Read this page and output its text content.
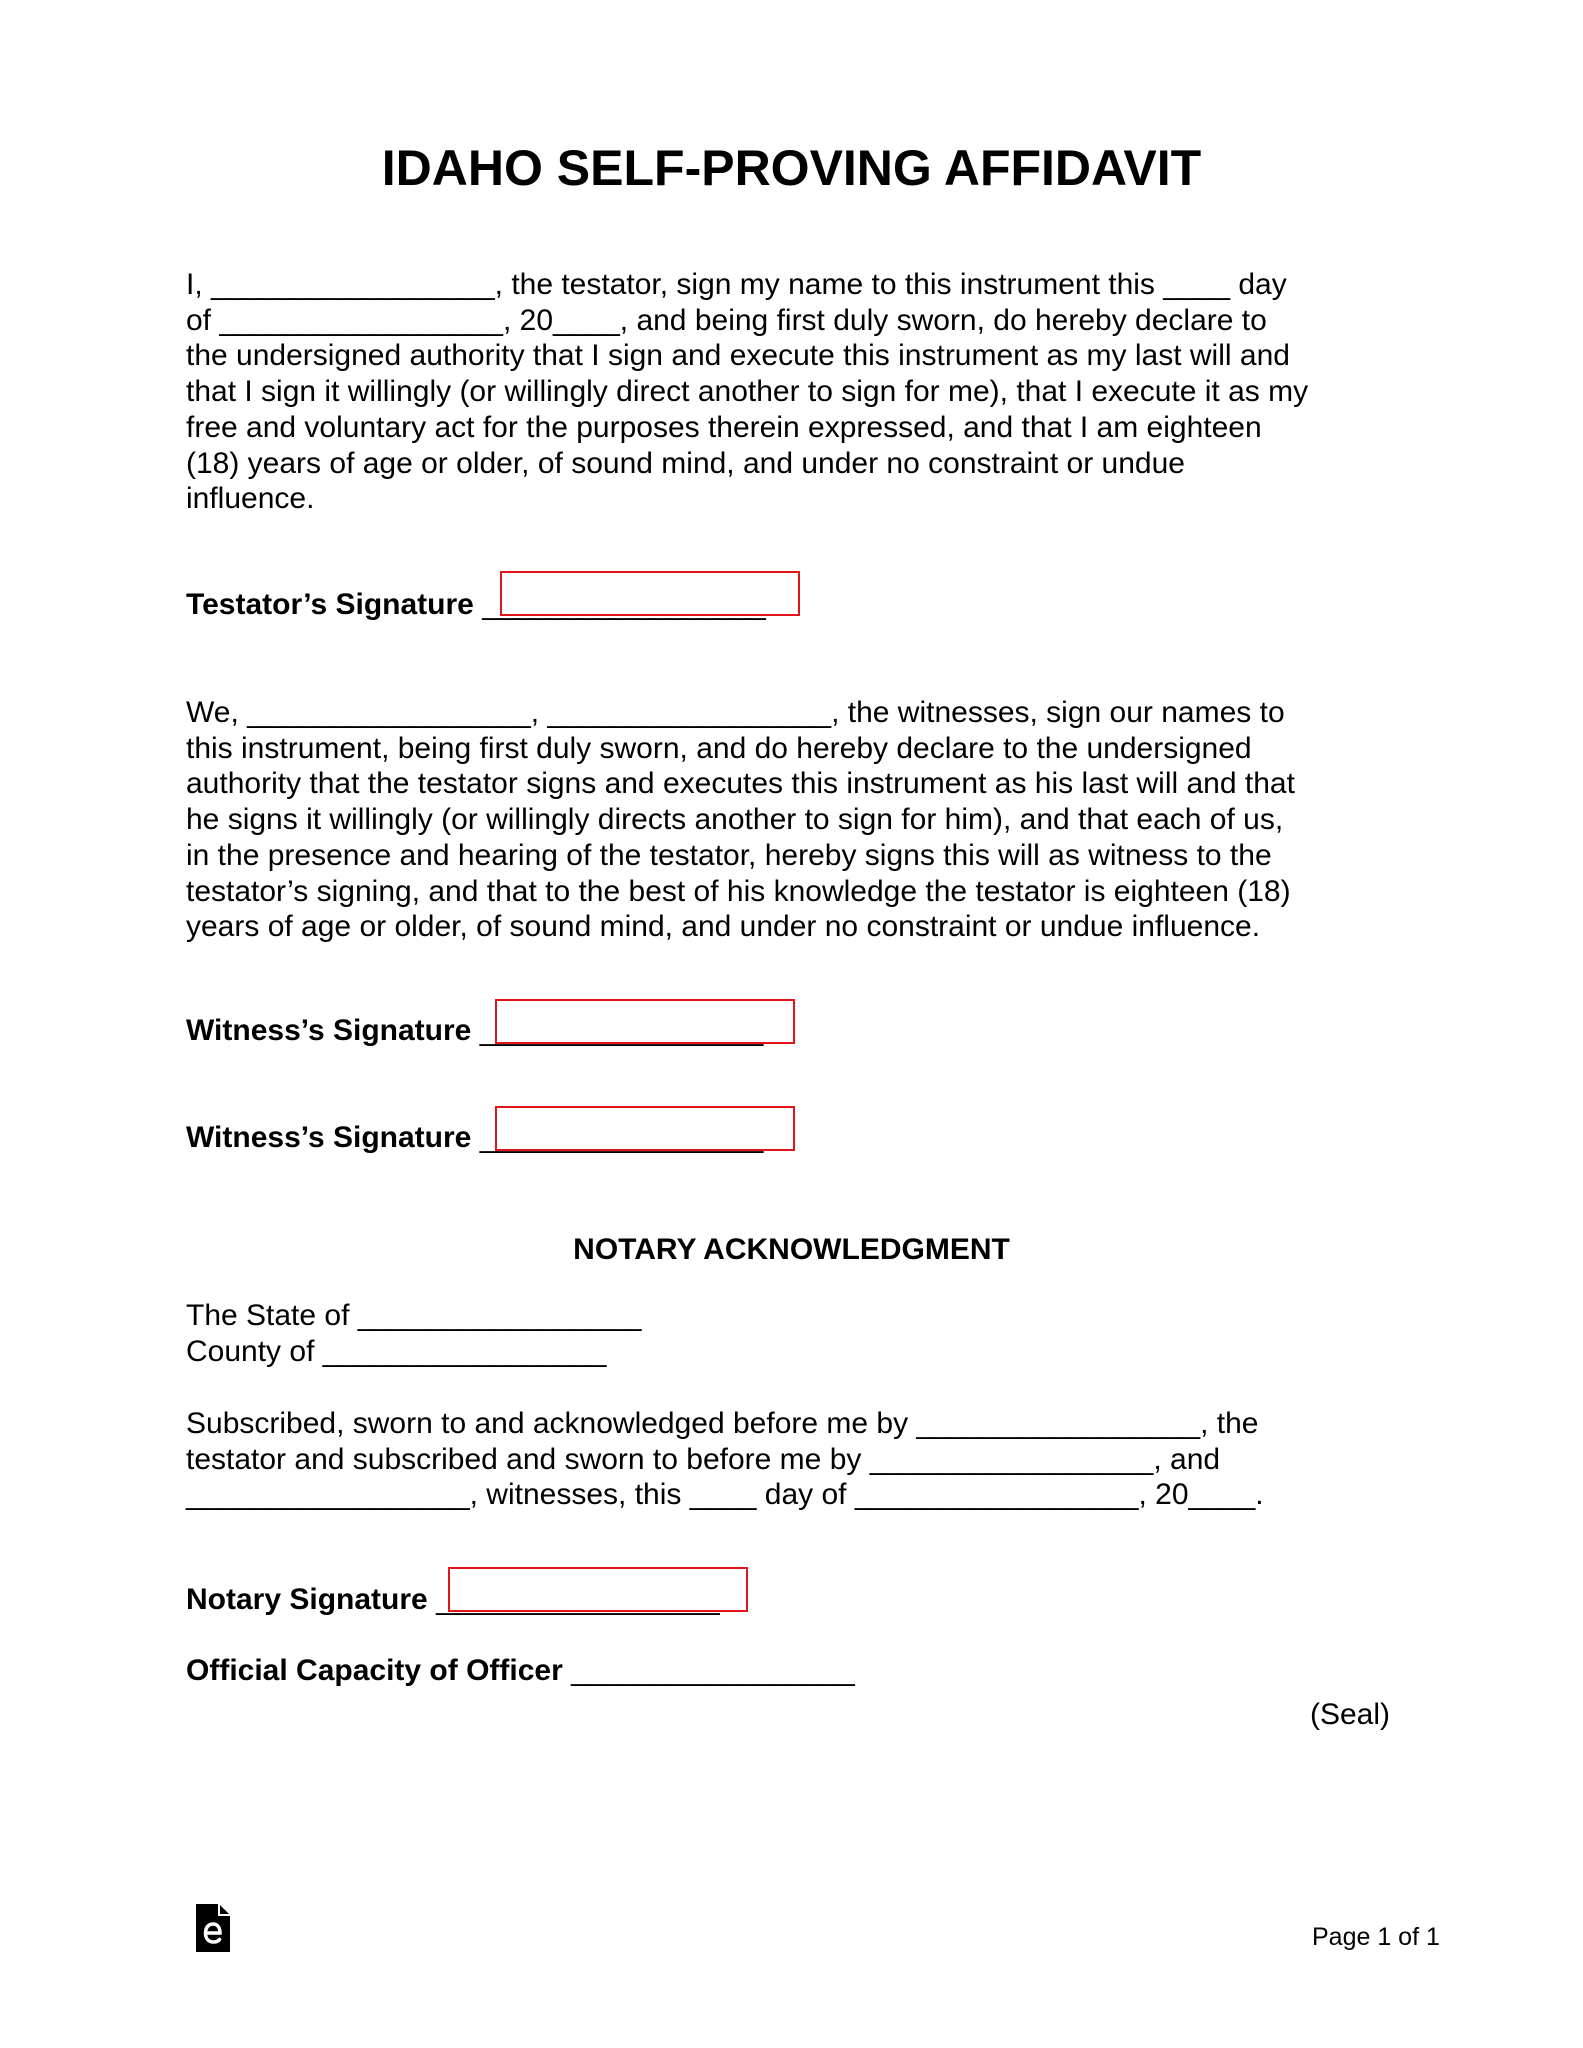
IDAHO SELF-PROVING AFFIDAVIT

I, _________________, the testator, sign my name to this instrument this ____ day

of _________________, 20____, and being first duly sworn, do hereby declare to

the undersigned authority that I sign and execute this instrument as my last will and

that I sign it willingly (or willingly direct another to sign for me), that I execute it as my

free and voluntary act for the purposes therein expressed, and that I am eighteen

(18) years of age or older, of sound mind, and under no constraint or undue

influence.

Testator’s Signature _________________

We, _________________, _________________, the witnesses, sign our names to

this instrument, being first duly sworn, and do hereby declare to the undersigned

authority that the testator signs and executes this instrument as his last will and that

he signs it willingly (or willingly directs another to sign for him), and that each of us,

in the presence and hearing of the testator, hereby signs this will as witness to the

testator’s signing, and that to the best of his knowledge the testator is eighteen (18)

years of age or older, of sound mind, and under no constraint or undue influence.

Witness’s Signature _________________
Witness’s Signature _________________
NOTARY ACKNOWLEDGMENT

The State of _________________

County of _________________

Subscribed, sworn to and acknowledged before me by _________________, the

testator and subscribed and sworn to before me by _________________, and

_________________, witnesses, this ____ day of _________________, 20____.

Notary Signature _________________
Official Capacity of Officer _________________
(Seal)
Page 1 of 1
